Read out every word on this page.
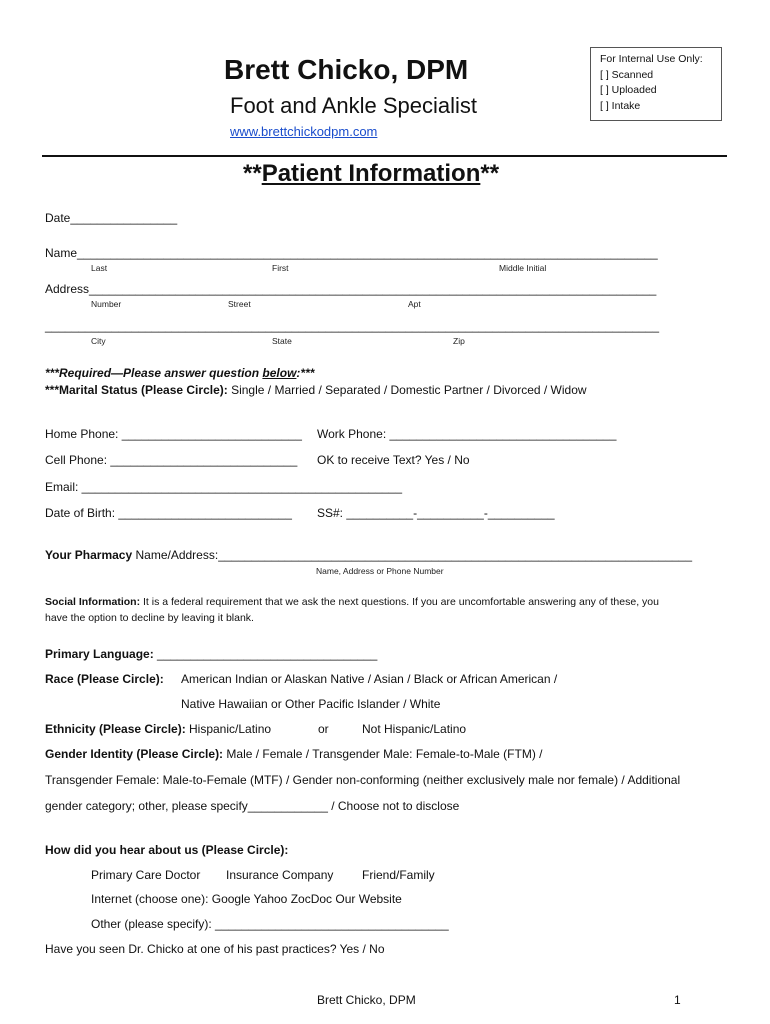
Brett Chicko, DPM
Foot and Ankle Specialist
www.brettchickodpm.com
For Internal Use Only:
[ ] Scanned
[ ] Uploaded
[ ] Intake
**Patient Information**
Date________________
Name_______________________________________________________________________________________
Last	First	Middle Initial
Address_____________________________________________________________________________________
Number	Street	Apt
____________________________________________________________________________________________
City	State	Zip
***Required—Please answer question below:***
***Marital Status (Please Circle): Single / Married / Separated / Domestic Partner / Divorced / Widow
Home Phone: ___________________________ Work Phone: __________________________________
Cell Phone: ____________________________ OK to receive Text? Yes / No
Email: ________________________________________________
Date of Birth: __________________________ SS#: __________-__________-__________
Your Pharmacy Name/Address:_______________________________________________________________________
Name, Address or Phone Number
Social Information: It is a federal requirement that we ask the next questions. If you are uncomfortable answering any of these, you
have the option to decline by leaving it blank.
Primary Language: _________________________________
Race (Please Circle): American Indian or Alaskan Native / Asian / Black or African American /
Native Hawaiian or Other Pacific Islander / White
Ethnicity (Please Circle): Hispanic/Latino	or	Not Hispanic/Latino
Gender Identity (Please Circle): Male / Female / Transgender Male: Female-to-Male (FTM) /
Transgender Female: Male-to-Female (MTF) / Gender non-conforming (neither exclusively male nor female) / Additional
gender category; other, please specify____________ / Choose not to disclose
How did you hear about us (Please Circle):
Primary Care Doctor Insurance Company Friend/Family
Internet (choose one): Google Yahoo ZocDoc Our Website
Other (please specify): ___________________________________
Have you seen Dr. Chicko at one of his past practices? Yes / No
Brett Chicko, DPM	1
